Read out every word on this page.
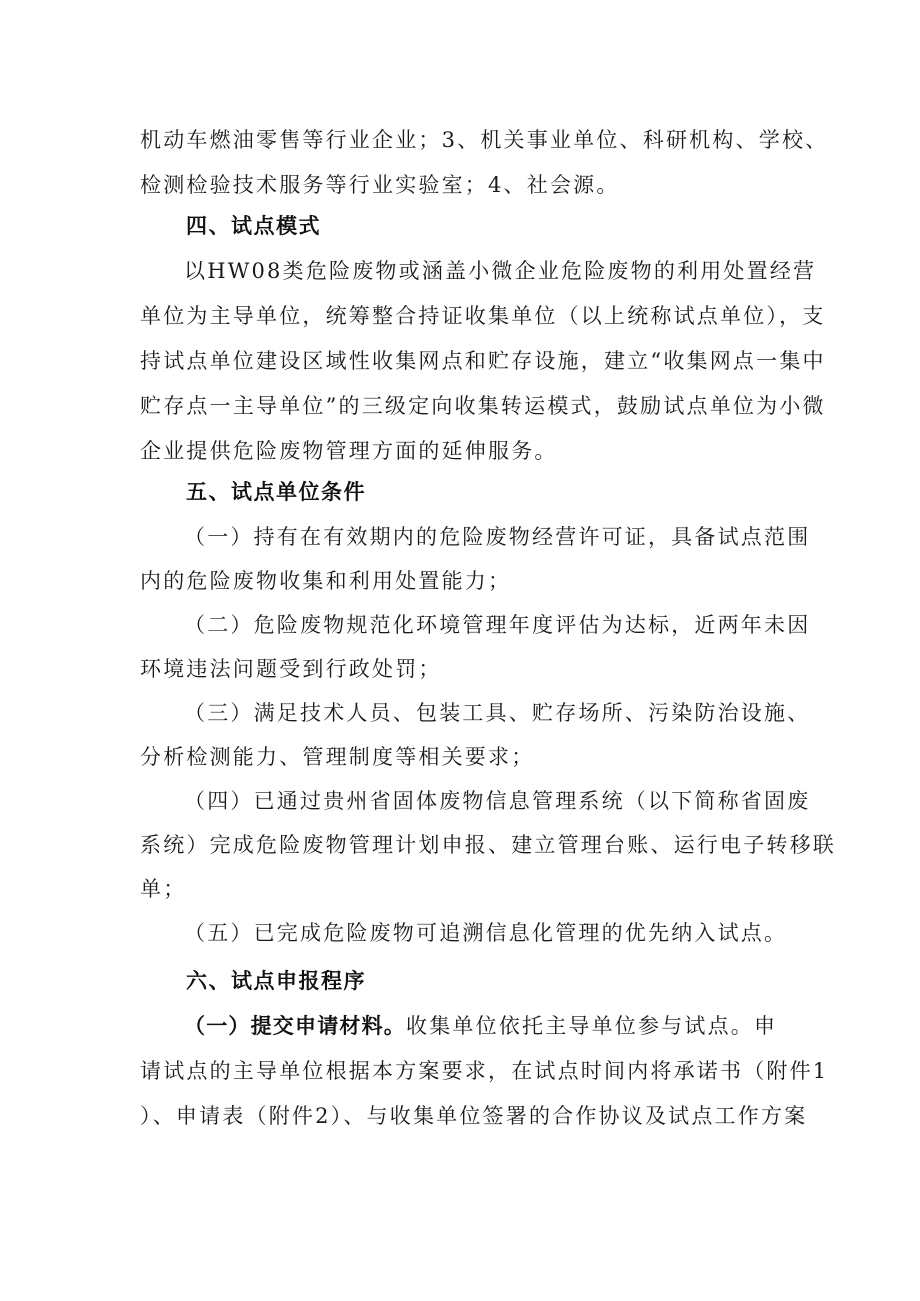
机动车燃油零售等行业企业；3、机关事业单位、科研机构、学校、
检测检验技术服务等行业实验室；4、社会源。
四、试点模式
以HW08类危险废物或涵盖小微企业危险废物的利用处置经营
单位为主导单位，统筹整合持证收集单位（以上统称试点单位），支
持试点单位建设区域性收集网点和贮存设施，建立“收集网点一集中
贮存点一主导单位”的三级定向收集转运模式，鼓励试点单位为小微
企业提供危险废物管理方面的延伸服务。
五、试点单位条件
（一）持有在有效期内的危险废物经营许可证，具备试点范围
内的危险废物收集和利用处置能力；
（二）危险废物规范化环境管理年度评估为达标，近两年未因
环境违法问题受到行政处罚；
（三）满足技术人员、包装工具、贮存场所、污染防治设施、
分析检测能力、管理制度等相关要求；
（四）已通过贵州省固体废物信息管理系统（以下简称省固废
系统）完成危险废物管理计划申报、建立管理台账、运行电子转移联
单；
（五）已完成危险废物可追溯信息化管理的优先纳入试点。
六、试点申报程序
（一）提交申请材料。收集单位依托主导单位参与试点。申
请试点的主导单位根据本方案要求，在试点时间内将承诺书（附件1
）、申请表（附件2）、与收集单位签署的合作协议及试点工作方案
